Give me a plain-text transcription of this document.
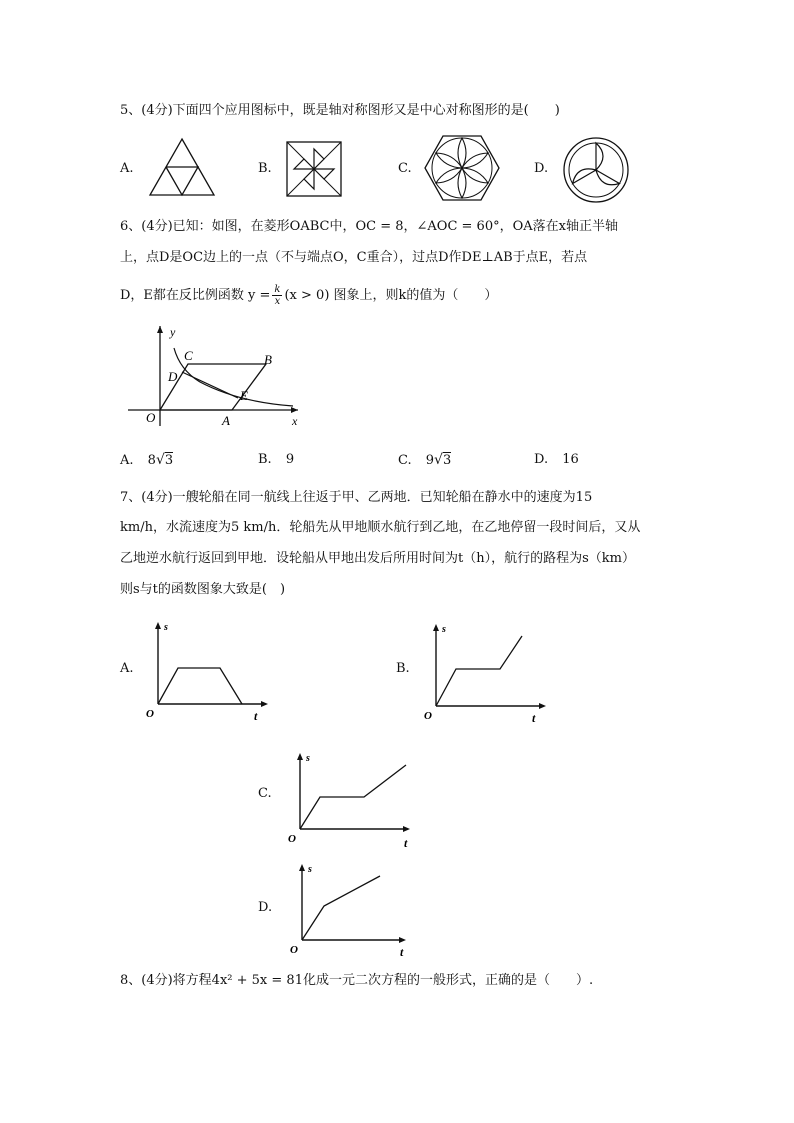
5、(4分)下面四个应用图标中，既是轴对称图形又是中心对称图形的是(　　)
A.	B.	C.	D.
6、(4分)已知：如图，在菱形OABC中，OC = 8，∠AOC = 60°，OA落在x轴正半轴
上，点D是OC边上的一点（不与端点O，C重合），过点D作DE⊥AB于点E，若点
D，E都在反比例函数 $y = \frac{k}{x} (x > 0)$ 图象上，则k的值为（　　）
y
O	A
B
C
D
E
x
A. 8√3	B. 9	C. 9√3	D. 16
7、(4分)一艘轮船在同一航线上往返于甲、乙两地．已知轮船在静水中的速度为15
km/h，水流速度为5 km/h．轮船先从甲地顺水航行到乙地，在乙地停留一段时间后，又从
乙地逆水航行返回到甲地．设轮船从甲地出发后所用时间为t（h），航行的路程为s（km）
则s与t的函数图象大致是(　)
A.
s
O	t
B.
s
O	t
C.
s
O	t
D.
s
O	t
8、(4分)将方程4x² + 5x = 81化成一元二次方程的一般形式，正确的是（　　）.
